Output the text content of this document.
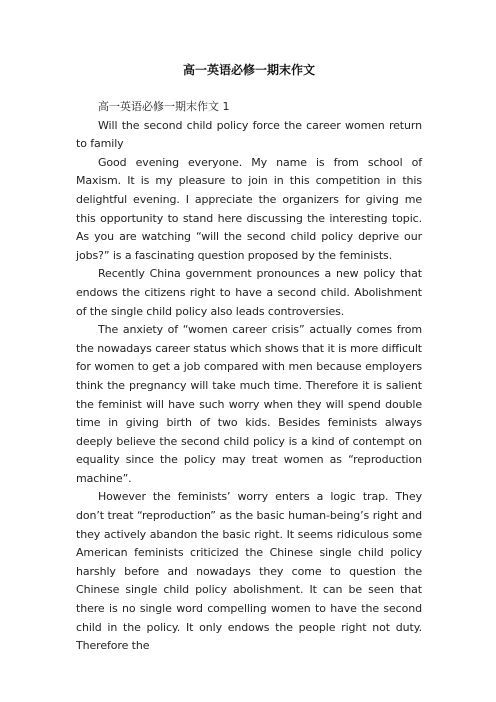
高一英语必修一期末作文
高一英语必修一期末作文 1

Will the second child policy force the career women return to family

Good evening everyone. My name is from school of Maxism. It is my pleasure to join in this competition in this delightful evening. I appreciate the organizers for giving me this opportunity to stand here discussing the interesting topic. As you are watching “will the second child policy deprive our jobs?” is a fascinating question proposed by the feminists.

Recently China government pronounces a new policy that endows the citizens right to have a second child. Abolishment of the single child policy also leads controversies.

The anxiety of “women career crisis” actually comes from the nowadays career status which shows that it is more difficult for women to get a job compared with men because employers think the pregnancy will take much time. Therefore it is salient the feminist will have such worry when they will spend double time in giving birth of two kids. Besides feminists always deeply believe the second child policy is a kind of contempt on equality since the policy may treat women as “reproduction machine”.

However the feminists’ worry enters a logic trap. They don’t treat “reproduction” as the basic human-being’s right and they actively abandon the basic right. It seems ridiculous some American feminists criticized the Chinese single child policy harshly before and nowadays they come to question the Chinese single child policy abolishment. It can be seen that there is no single word compelling women to have the second child in the policy. It only endows the people right not duty. Therefore the
